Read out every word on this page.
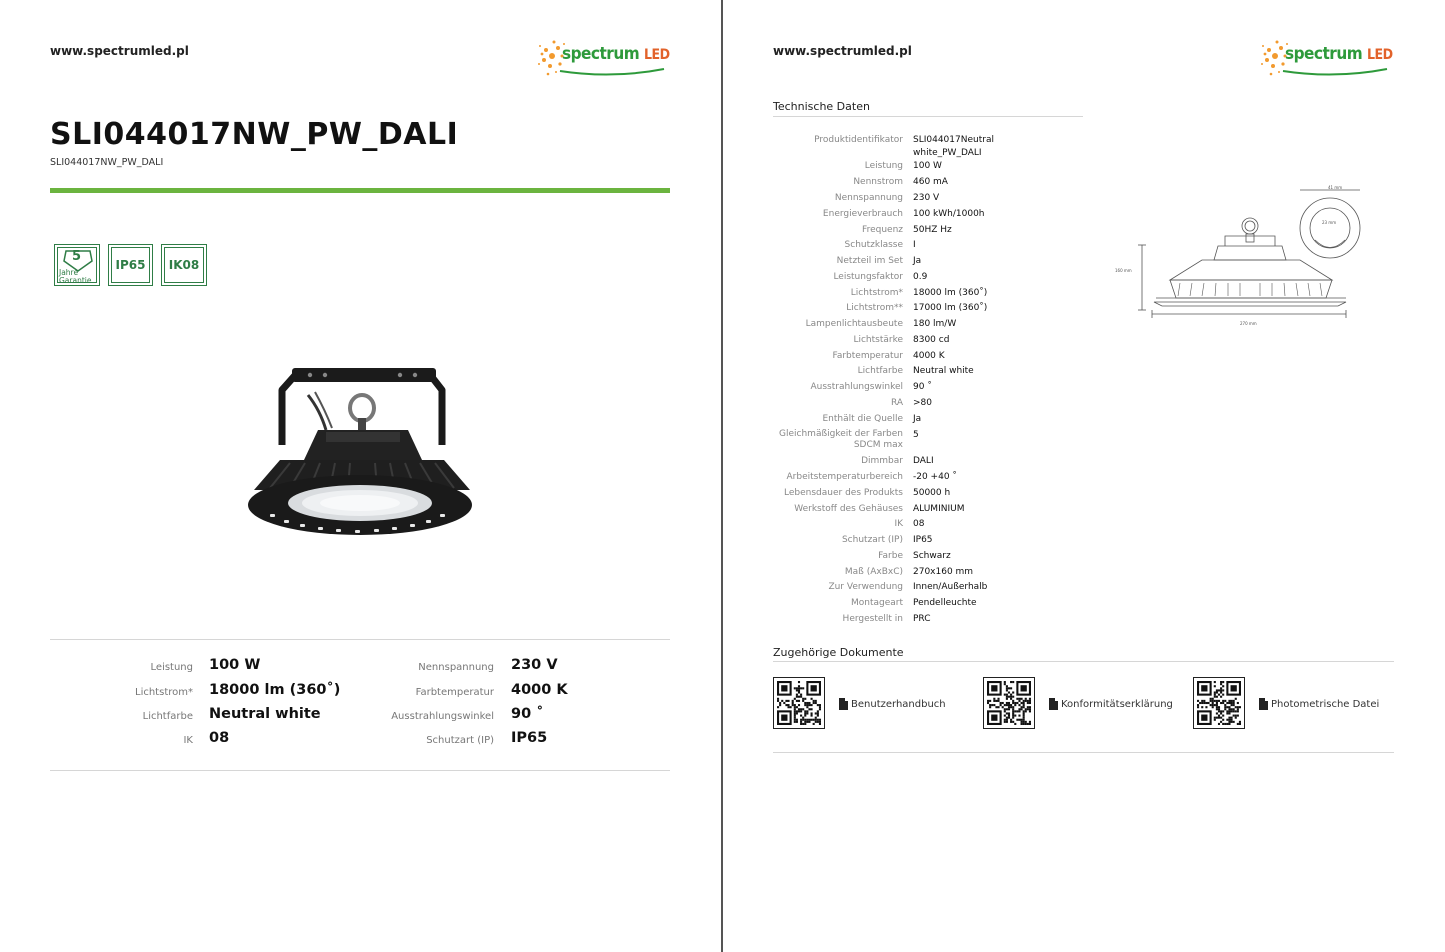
www.spectrumled.pl	spectrum LED
SLI044017NW_PW_DALI
SLI044017NW_PW_DALI
5
Jahre
Garantie
IP65 IK08
Leistung 100 W
Lichtstrom* 18000 lm (360˚)
Lichtfarbe Neutral white
IK 08
Nennspannung 230 V
Farbtemperatur 4000 K
Ausstrahlungswinkel 90 ˚
Schutzart (IP) IP65
www.spectrumled.pl	spectrum LED
Technische Daten
Produktidentifikator SLI044017Neutral white_PW_DALI
Leistung 100 W
Nennstrom 460 mA
Nennspannung 230 V
Energieverbrauch 100 kWh/1000h
Frequenz 50HZ Hz
Schutzklasse I
Netzteil im Set Ja
Leistungsfaktor 0.9
Lichtstrom* 18000 lm (360˚)
Lichtstrom** 17000 lm (360˚)
Lampenlichtausbeute 180 lm/W
Lichtstärke 8300 cd
Farbtemperatur 4000 K
Lichtfarbe Neutral white
Ausstrahlungswinkel 90 ˚
RA >80
Enthält die Quelle Ja
Gleichmäßigkeit der Farben SDCM max
5
Dimmbar DALI
Arbeitstemperaturbereich -20 +40 ˚
Lebensdauer des Produkts 50000 h
Werkstoff des Gehäuses ALUMINIUM
IK 08
Schutzart (IP) IP65
Farbe Schwarz
Maß (AxBxC) 270x160 mm
Zur Verwendung Innen/Außerhalb
Montageart Pendelleuchte
Hergestellt in PRC
41 mm
23 mm
160 mm
270 mm
Zugehörige Dokumente
Benutzerhandbuch	Konformitätserklärung	Photometrische Datei
